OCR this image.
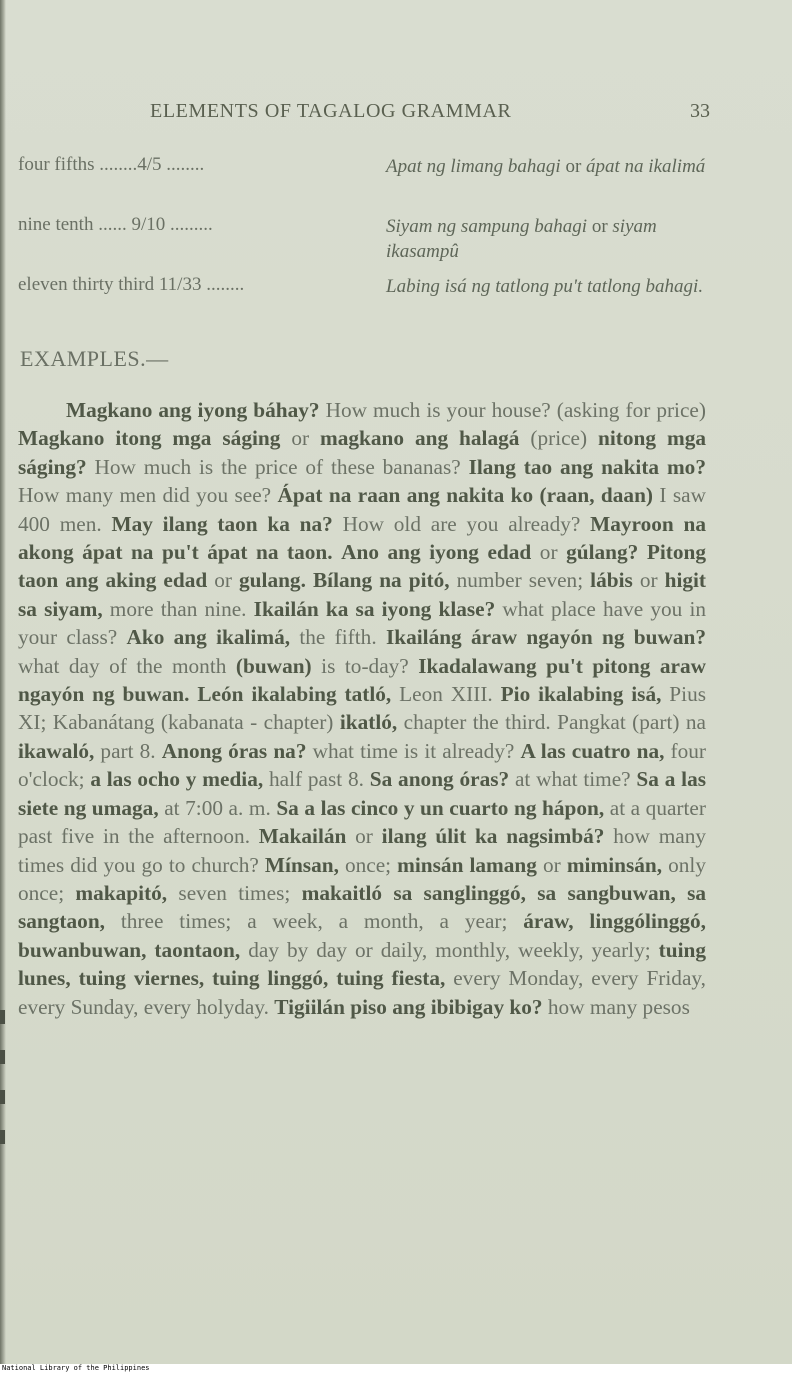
ELEMENTS OF TAGALOG GRAMMAR	33
four fifths ........4/5 ........	Apat ng limang bahagi or ápat na ikalimá
nine tenth ...... 9/10 .........	Siyam ng sampung bahagi or siyam ikasampû
eleven thirty third 11/33 ........	Labing isá ng tatlong pu't tatlong bahagi.
EXAMPLES.—

Magkano ang iyong báhay? How much is your house? (asking for price) Magkano itong mga ságing or magkano ang halagá (price) nitong mga ságing? How much is the price of these bananas? Ilang tao ang nakita mo? How many men did you see? Ápat na raan ang nakita ko (raan, daan) I saw 400 men. May ilang taon ka na? How old are you already? Mayroon na akong ápat na pu't ápat na taon. Ano ang iyong edad or gúlang? Pitong taon ang aking edad or gulang. Bílang na pitó, number seven; lábis or higit sa siyam, more than nine. Ikailán ka sa iyong klase? what place have you in your class? Ako ang ikalimá, the fifth. Ikailáng áraw ngayón ng buwan? what day of the month (buwan) is to-day? Ikadalawang pu't pitong araw ngayón ng buwan. León ikalabing tatló, Leon XIII. Pio ikalabing isá, Pius XI; Kabanátang (kabanata - chapter) ikatló, chapter the third. Pangkat (part) na ikawaló, part 8. Anong óras na? what time is it already? A las cuatro na, four o'clock; a las ocho y media, half past 8. Sa anong óras? at what time? Sa a las siete ng umaga, at 7:00 a. m. Sa a las cinco y un cuarto ng hápon, at a quarter past five in the afternoon. Makailán or ilang úlit ka nagsimbá? how many times did you go to church? Mínsan, once; minsán lamang or miminsán, only once; makapitó, seven times; makaitló sa sanglinggó, sa sangbuwan, sa sangtaon, three times; a week, a month, a year; áraw, linggólinggó, buwanbuwan, taontaon, day by day or daily, monthly, weekly, yearly; tuing lunes, tuing viernes, tuing linggó, tuing fiesta, every Monday, every Friday, every Sunday, every holyday. Tigiilán piso ang ibibigay ko? how many pesos

National Library of the Philippines
